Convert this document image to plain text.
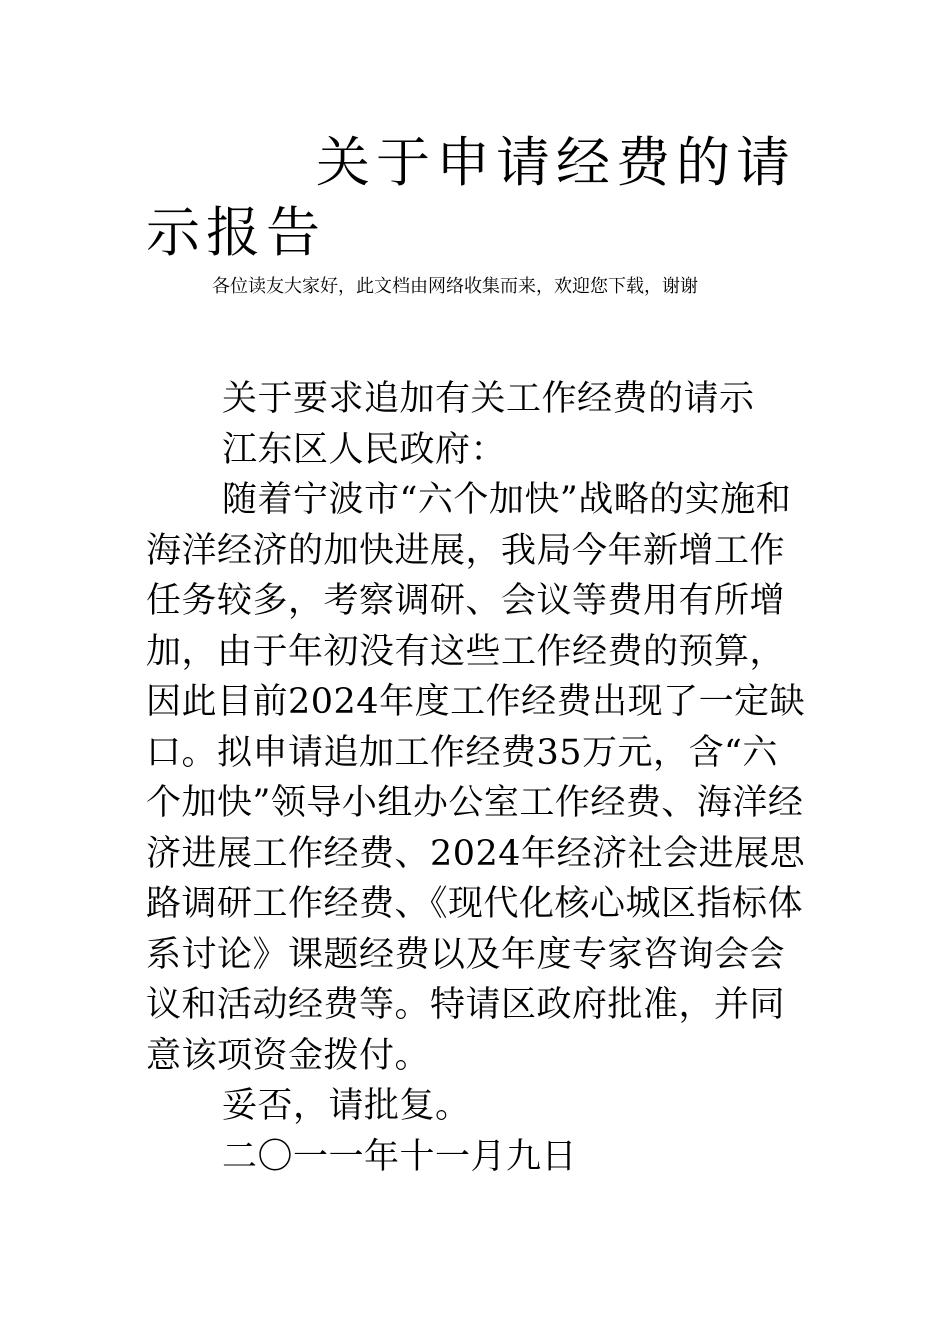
关于申请经费的请示报告

各位读友大家好，此文档由网络收集而来，欢迎您下载，谢谢

关于要求追加有关工作经费的请示

江东区人民政府：

随着宁波市“六个加快”战略的实施和海洋经济的加快进展，我局今年新增工作任务较多，考察调研、会议等费用有所增加，由于年初没有这些工作经费的预算，因此目前2024年度工作经费出现了一定缺口。拟申请追加工作经费35万元，含“六个加快”领导小组办公室工作经费、海洋经济进展工作经费、2024年经济社会进展思路调研工作经费、《现代化核心城区指标体系讨论》课题经费以及年度专家咨询会会议和活动经费等。特请区政府批准，并同意该项资金拨付。

妥否，请批复。

二〇一一年十一月九日
